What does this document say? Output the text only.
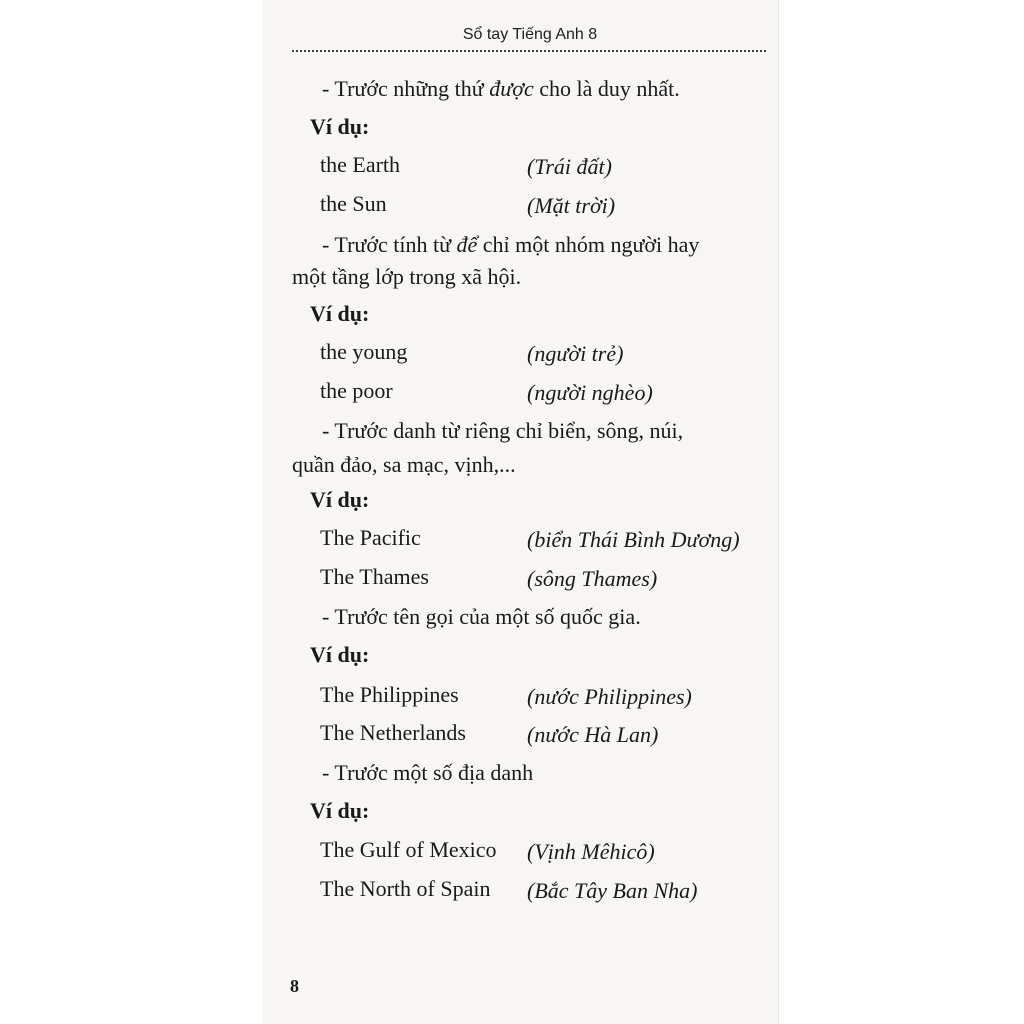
Sổ tay Tiếng Anh 8
- Trước những thứ được cho là duy nhất.
Ví dụ:
the Earth	(Trái đất)
the Sun	(Mặt trời)
- Trước tính từ để chỉ một nhóm người hay
một tầng lớp trong xã hội.
Ví dụ:
the young	(người trẻ)
the poor	(người nghèo)
- Trước danh từ riêng chỉ biển, sông, núi,
quần đảo, sa mạc, vịnh,...
Ví dụ:
The Pacific	(biển Thái Bình Dương)
The Thames	(sông Thames)
- Trước tên gọi của một số quốc gia.
Ví dụ:
The Philippines	(nước Philippines)
The Netherlands	(nước Hà Lan)
- Trước một số địa danh
Ví dụ:
The Gulf of Mexico (Vịnh Mêhicô)
The North of Spain (Bắc Tây Ban Nha)
8
